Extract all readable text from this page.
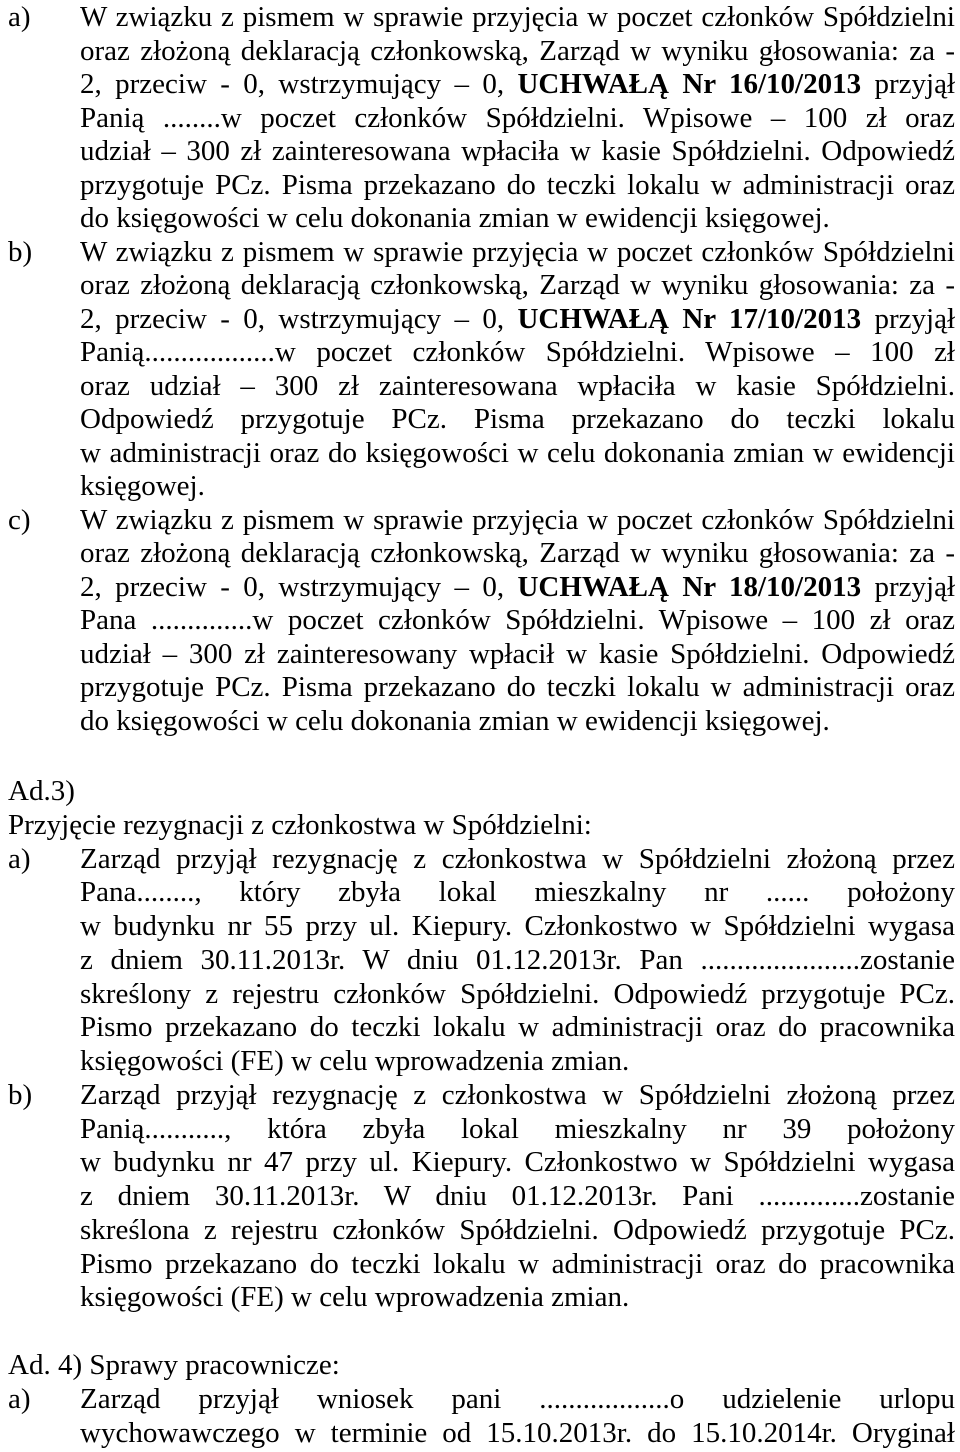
a)	W związku z pismem w sprawie przyjęcia w poczet członków Spółdzielni
oraz złożoną deklaracją członkowską, Zarząd w wyniku głosowania: za -
2, przeciw - 0, wstrzymujący – 0, UCHWAŁĄ Nr 16/10/2013 przyjął
Panią ........w poczet członków Spółdzielni. Wpisowe – 100 zł oraz
udział – 300 zł zainteresowana wpłaciła w kasie Spółdzielni. Odpowiedź
przygotuje PCz. Pisma przekazano do teczki lokalu w administracji oraz
do księgowości w celu dokonania zmian w ewidencji księgowej.
b)	W związku z pismem w sprawie przyjęcia w poczet członków Spółdzielni
oraz złożoną deklaracją członkowską, Zarząd w wyniku głosowania: za -
2, przeciw - 0, wstrzymujący – 0, UCHWAŁĄ Nr 17/10/2013 przyjął
Panią..................w poczet członków Spółdzielni. Wpisowe – 100 zł
oraz udział – 300 zł zainteresowana wpłaciła w kasie Spółdzielni.
Odpowiedź przygotuje PCz. Pisma przekazano do teczki lokalu
w administracji oraz do księgowości w celu dokonania zmian w ewidencji
księgowej.
c)	W związku z pismem w sprawie przyjęcia w poczet członków Spółdzielni
oraz złożoną deklaracją członkowską, Zarząd w wyniku głosowania: za -
2, przeciw - 0, wstrzymujący – 0, UCHWAŁĄ Nr 18/10/2013 przyjął
Pana ..............w poczet członków Spółdzielni. Wpisowe – 100 zł oraz
udział – 300 zł zainteresowany wpłacił w kasie Spółdzielni. Odpowiedź
przygotuje PCz. Pisma przekazano do teczki lokalu w administracji oraz
do księgowości w celu dokonania zmian w ewidencji księgowej.
Ad.3)
Przyjęcie rezygnacji z członkostwa w Spółdzielni:
a)	Zarząd przyjął rezygnację z członkostwa w Spółdzielni złożoną przez
Pana........, który zbyła lokal mieszkalny nr ...... położony
w budynku nr 55 przy ul. Kiepury. Członkostwo w Spółdzielni wygasa
z dniem 30.11.2013r. W dniu 01.12.2013r. Pan ......................zostanie
skreślony z rejestru członków Spółdzielni. Odpowiedź przygotuje PCz.
Pismo przekazano do teczki lokalu w administracji oraz do pracownika
księgowości (FE) w celu wprowadzenia zmian.
b)	Zarząd przyjął rezygnację z członkostwa w Spółdzielni złożoną przez
Panią..........., która zbyła lokal mieszkalny nr 39 położony
w budynku nr 47 przy ul. Kiepury. Członkostwo w Spółdzielni wygasa
z dniem 30.11.2013r. W dniu 01.12.2013r. Pani ..............zostanie
skreślona z rejestru członków Spółdzielni. Odpowiedź przygotuje PCz.
Pismo przekazano do teczki lokalu w administracji oraz do pracownika
księgowości (FE) w celu wprowadzenia zmian.
Ad. 4) Sprawy pracownicze:
a)	Zarząd przyjął wniosek pani ..................o udzielenie urlopu
wychowawczego w terminie od 15.10.2013r. do 15.10.2014r. Oryginał
